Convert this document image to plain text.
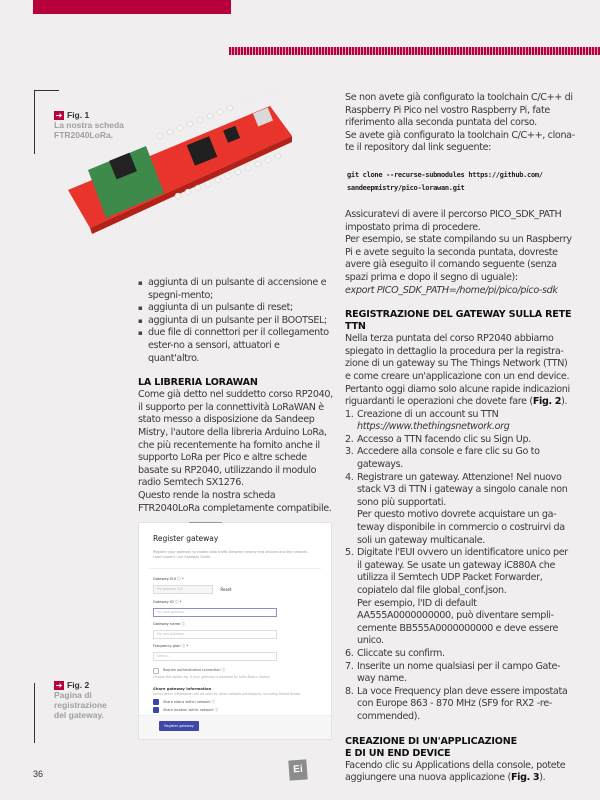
➔ Fig. 1
La nostra scheda
FTR2040LoRa.
▪ aggiunta di un pulsante di accensione e spegni-mento;
▪ aggiunta di un pulsante di reset;
▪ aggiunta di un pulsante per il BOOTSEL;
▪ due file di connettori per il collegamento ester-no a sensori, attuatori e quant'altro.
LA LIBRERIA LORAWAN

Come già detto nel suddetto corso RP2040, il supporto per la connettività LoRaWAN è stato messo a disposizione da Sandeep Mistry, l'autore della libreria Arduino LoRa, che più recentemente ha fornito anche il supporto LoRa per Pico e altre schede basate su RP2040, utilizzando il modulo radio Semtech SX1276.

Questo rende la nostra scheda FTR2040LoRa completamente compatibile.

Se non avete già configurato la toolchain C/C++ di Raspberry Pi Pico nel vostro Raspberry Pi, fate riferimento alla seconda puntata del corso.

Se avete già configurato la toolchain C/C++, clona-te il repository dal link seguente:

git clone --recurse-submodules https://github.com/
sandeepmistry/pico-lorawan.git

Assicuratevi di avere il percorso PICO_SDK_PATH impostato prima di procedere.

Per esempio, se state compilando su un Raspberry Pi e avete seguito la seconda puntata, dovreste avere già eseguito il comando seguente (senza spazi prima e dopo il segno di uguale):

export PICO_SDK_PATH=/home/pi/pico/pico-sdk

REGISTRAZIONE DEL GATEWAY SULLA RETE TTN

Nella terza puntata del corso RP2040 abbiamo spiegato in dettaglio la procedura per la registra-zione di un gateway su The Things Network (TTN) e come creare un'applicazione con un end device. Pertanto oggi diamo solo alcune rapide indicazioni riguardanti le operazioni che dovete fare (Fig. 2).

1. Creazione di un account su TTN
https://www.thethingsnetwork.org
2. Accesso a TTN facendo clic su Sign Up.
3. Accedere alla console e fare clic su Go to gateways.
4. Registrare un gateway. Attenzione! Nel nuovo stack V3 di TTN i gateway a singolo canale non sono più supportati.
Per questo motivo dovrete acquistare un ga-teway disponibile in commercio o costruirvi da soli un gateway multicanale.
5. Digitate l'EUI ovvero un identificatore unico per il gateway. Se usate un gateway iC880A che utilizza il Semtech UDP Packet Forwarder, copiatelo dal file global_conf.json.
Per esempio, l'ID di default AA555A0000000000, può diventare sempli-cemente BB555A0000000000 e deve essere unico.
6. Cliccate su confirm.
7. Inserite un nome qualsiasi per il campo Gate-way name.
8. La voce Frequency plan deve essere impostata con Europe 863 - 870 MHz (SF9 for RX2 -re-commended).
CREAZIONE DI UN'APPLICAZIONE
E DI UN END DEVICE

Facendo clic su Applications della console, potete aggiungere una nuova applicazione (Fig. 3).

Register gateway
Register your gateway to enable data traffic between nearby end devices and the network.
Learn more in our Gateway Guide
Gateway EUI ⓘ *
My gateway EUI	Reset
Gateway ID ⓘ *
my-new-gateway
Gateway name ⓘ
My new gateway
Frequency plan ⓘ *
Select...
Require authenticated connection ⓘ
Choose this option eg. if your gateway is powered by LoRa Basics Station
Share gateway information
Select which information can be seen by other network participants, including Packet Broker
Share status within network ⓘ
Share location within network ⓘ
Register gateway
➔ Fig. 2
Pagina di
registrazione
del gateway.
36	Ei
